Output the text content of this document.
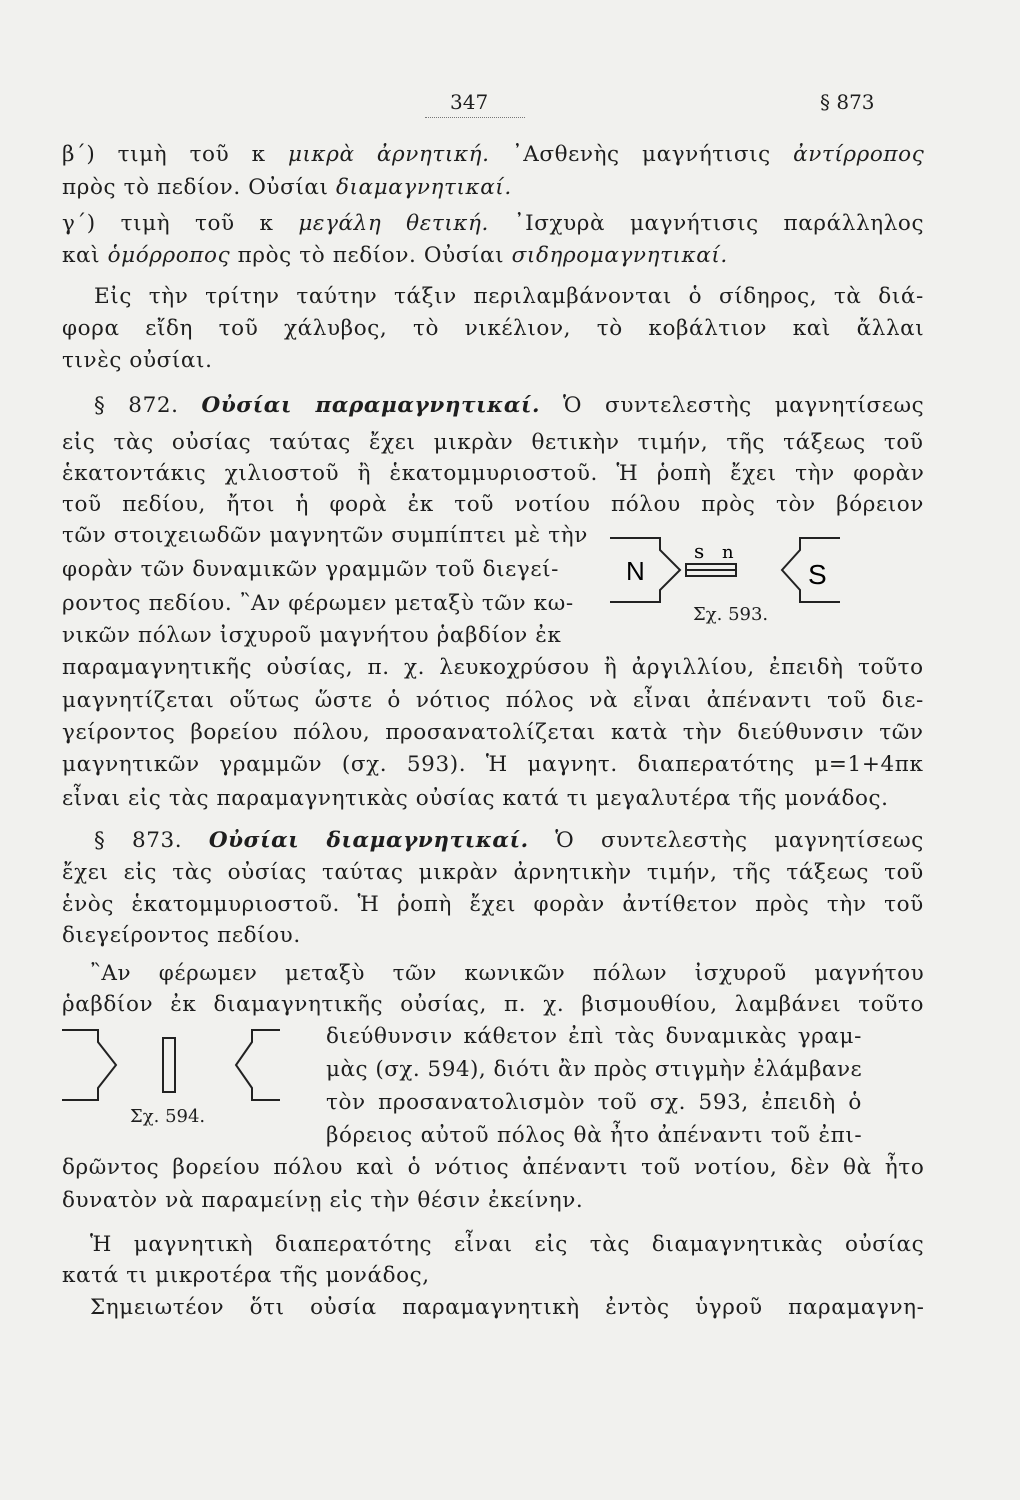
347	§ 873
β΄) τιμὴ τοῦ κ μικρὰ ἀρνητική. ᾿Ασθενὴς μαγνήτισις ἀντίρροπος
πρὸς τὸ πεδίον. Οὐσίαι διαμαγνητικαί.
γ΄) τιμὴ τοῦ κ μεγάλη θετική. ᾿Ισχυρὰ μαγνήτισις παράλληλος
καὶ ὁμόρροπος πρὸς τὸ πεδίον. Οὐσίαι σιδηρομαγνητικαί.
Εἰς τὴν τρίτην ταύτην τάξιν περιλαμβάνονται ὁ σίδηρος, τὰ διά-
φορα εἴδη τοῦ χάλυβος, τὸ νικέλιον, τὸ κοβάλτιον καὶ ἄλλαι
τινὲς οὐσίαι.
§ 872. Οὐσίαι παραμαγνητικαί. Ὁ συντελεστὴς μαγνητίσεως
εἰς τὰς οὐσίας ταύτας ἔχει μικρὰν θετικὴν τιμήν, τῆς τάξεως τοῦ
ἑκατοντάκις χιλιοστοῦ ἢ ἑκατομμυριοστοῦ. Ἡ ῥοπὴ ἔχει τὴν φορὰν
τοῦ πεδίου, ἤτοι ἡ φορὰ ἐκ τοῦ νοτίου πόλου πρὸς τὸν βόρειον
τῶν στοιχειωδῶν μαγνητῶν συμπίπτει μὲ τὴν
φορὰν τῶν δυναμικῶν γραμμῶν τοῦ διεγεί-
ροντος πεδίου. ῍Αν φέρωμεν μεταξὺ τῶν κω-
νικῶν πόλων ἰσχυροῦ μαγνήτου ῥαβδίον ἐκ
παραμαγνητικῆς οὐσίας, π. χ. λευκοχρύσου ἢ ἀργιλλίου, ἐπειδὴ τοῦτο
μαγνητίζεται οὕτως ὥστε ὁ νότιος πόλος νὰ εἶναι ἀπέναντι τοῦ διε-
γείροντος βορείου πόλου, προσανατολίζεται κατὰ τὴν διεύθυνσιν τῶν
μαγνητικῶν γραμμῶν (σχ. 593). Ἡ μαγνητ. διαπερατότης μ=1+4πκ
εἶναι εἰς τὰς παραμαγνητικὰς οὐσίας κατά τι μεγαλυτέρα τῆς μονάδος.
§ 873. Οὐσίαι διαμαγνητικαί. Ὁ συντελεστὴς μαγνητίσεως
ἔχει εἰς τὰς οὐσίας ταύτας μικρὰν ἀρνητικὴν τιμήν, τῆς τάξεως τοῦ
ἑνὸς ἑκατομμυριοστοῦ. Ἡ ῥοπὴ ἔχει φορὰν ἀντίθετον πρὸς τὴν τοῦ
διεγείροντος πεδίου.
῍Αν φέρωμεν μεταξὺ τῶν κωνικῶν πόλων ἰσχυροῦ μαγνήτου
ῥαβδίον ἐκ διαμαγνητικῆς οὐσίας, π. χ. βισμουθίου, λαμβάνει τοῦτο
διεύθυνσιν κάθετον ἐπὶ τὰς δυναμικὰς γραμ-
μὰς (σχ. 594), διότι ἂν πρὸς στιγμὴν ἐλάμβανε
τὸν προσανατολισμὸν τοῦ σχ. 593, ἐπειδὴ ὁ
βόρειος αὐτοῦ πόλος θὰ ἦτο ἀπέναντι τοῦ ἐπι-
δρῶντος βορείου πόλου καὶ ὁ νότιος ἀπέναντι τοῦ νοτίου, δὲν θὰ ἦτο
δυνατὸν νὰ παραμείνῃ εἰς τὴν θέσιν ἐκείνην.
Ἡ μαγνητικὴ διαπερατότης εἶναι εἰς τὰς διαμαγνητικὰς οὐσίας
κατά τι μικροτέρα τῆς μονάδος,
Σημειωτέον ὅτι οὐσία παραμαγνητικὴ ἐντὸς ὑγροῦ παραμαγνη-
N
s n
S
Σχ. 593.
Σχ. 594.
